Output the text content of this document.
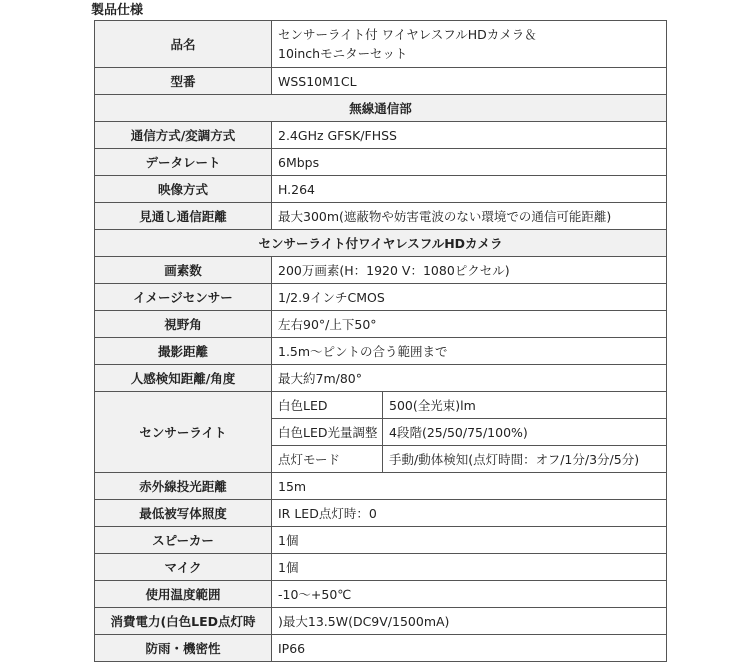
製品仕様
品名	センサーライト付 ワイヤレスフルHDカメラ＆
10inchモニターセット	
型番	WSS10M1CL	
無線通信部		
通信方式/変調方式	2.4GHz GFSK/FHSS	
データレート	6Mbps	
映像方式	H.264	
見通し通信距離	最大300m(遮蔽物や妨害電波のない環境での通信可能距離)	
センサーライト付ワイヤレスフルHDカメラ		
画素数	200万画素(H：1920 V：1080ピクセル)	
イメージセンサー	1/2.9インチCMOS	
視野角	左右90°/上下50°	
撮影距離	1.5m～ピントの合う範囲まで	
人感検知距離/角度	最大約7m/80°	
センサーライト	白色LED	500(全光束)lm
	白色LED光量調整	4段階(25/50/75/100%)
	点灯モード	手動/動体検知(点灯時間：オフ/1分/3分/5分)
赤外線投光距離	15m	
最低被写体照度	IR LED点灯時：0	
スピーカー	1個	
マイク	1個	
使用温度範囲	-10～+50℃	
消費電力(白色LED点灯時	)最大13.5W(DC9V/1500mA)	
防雨・機密性	IP66	
